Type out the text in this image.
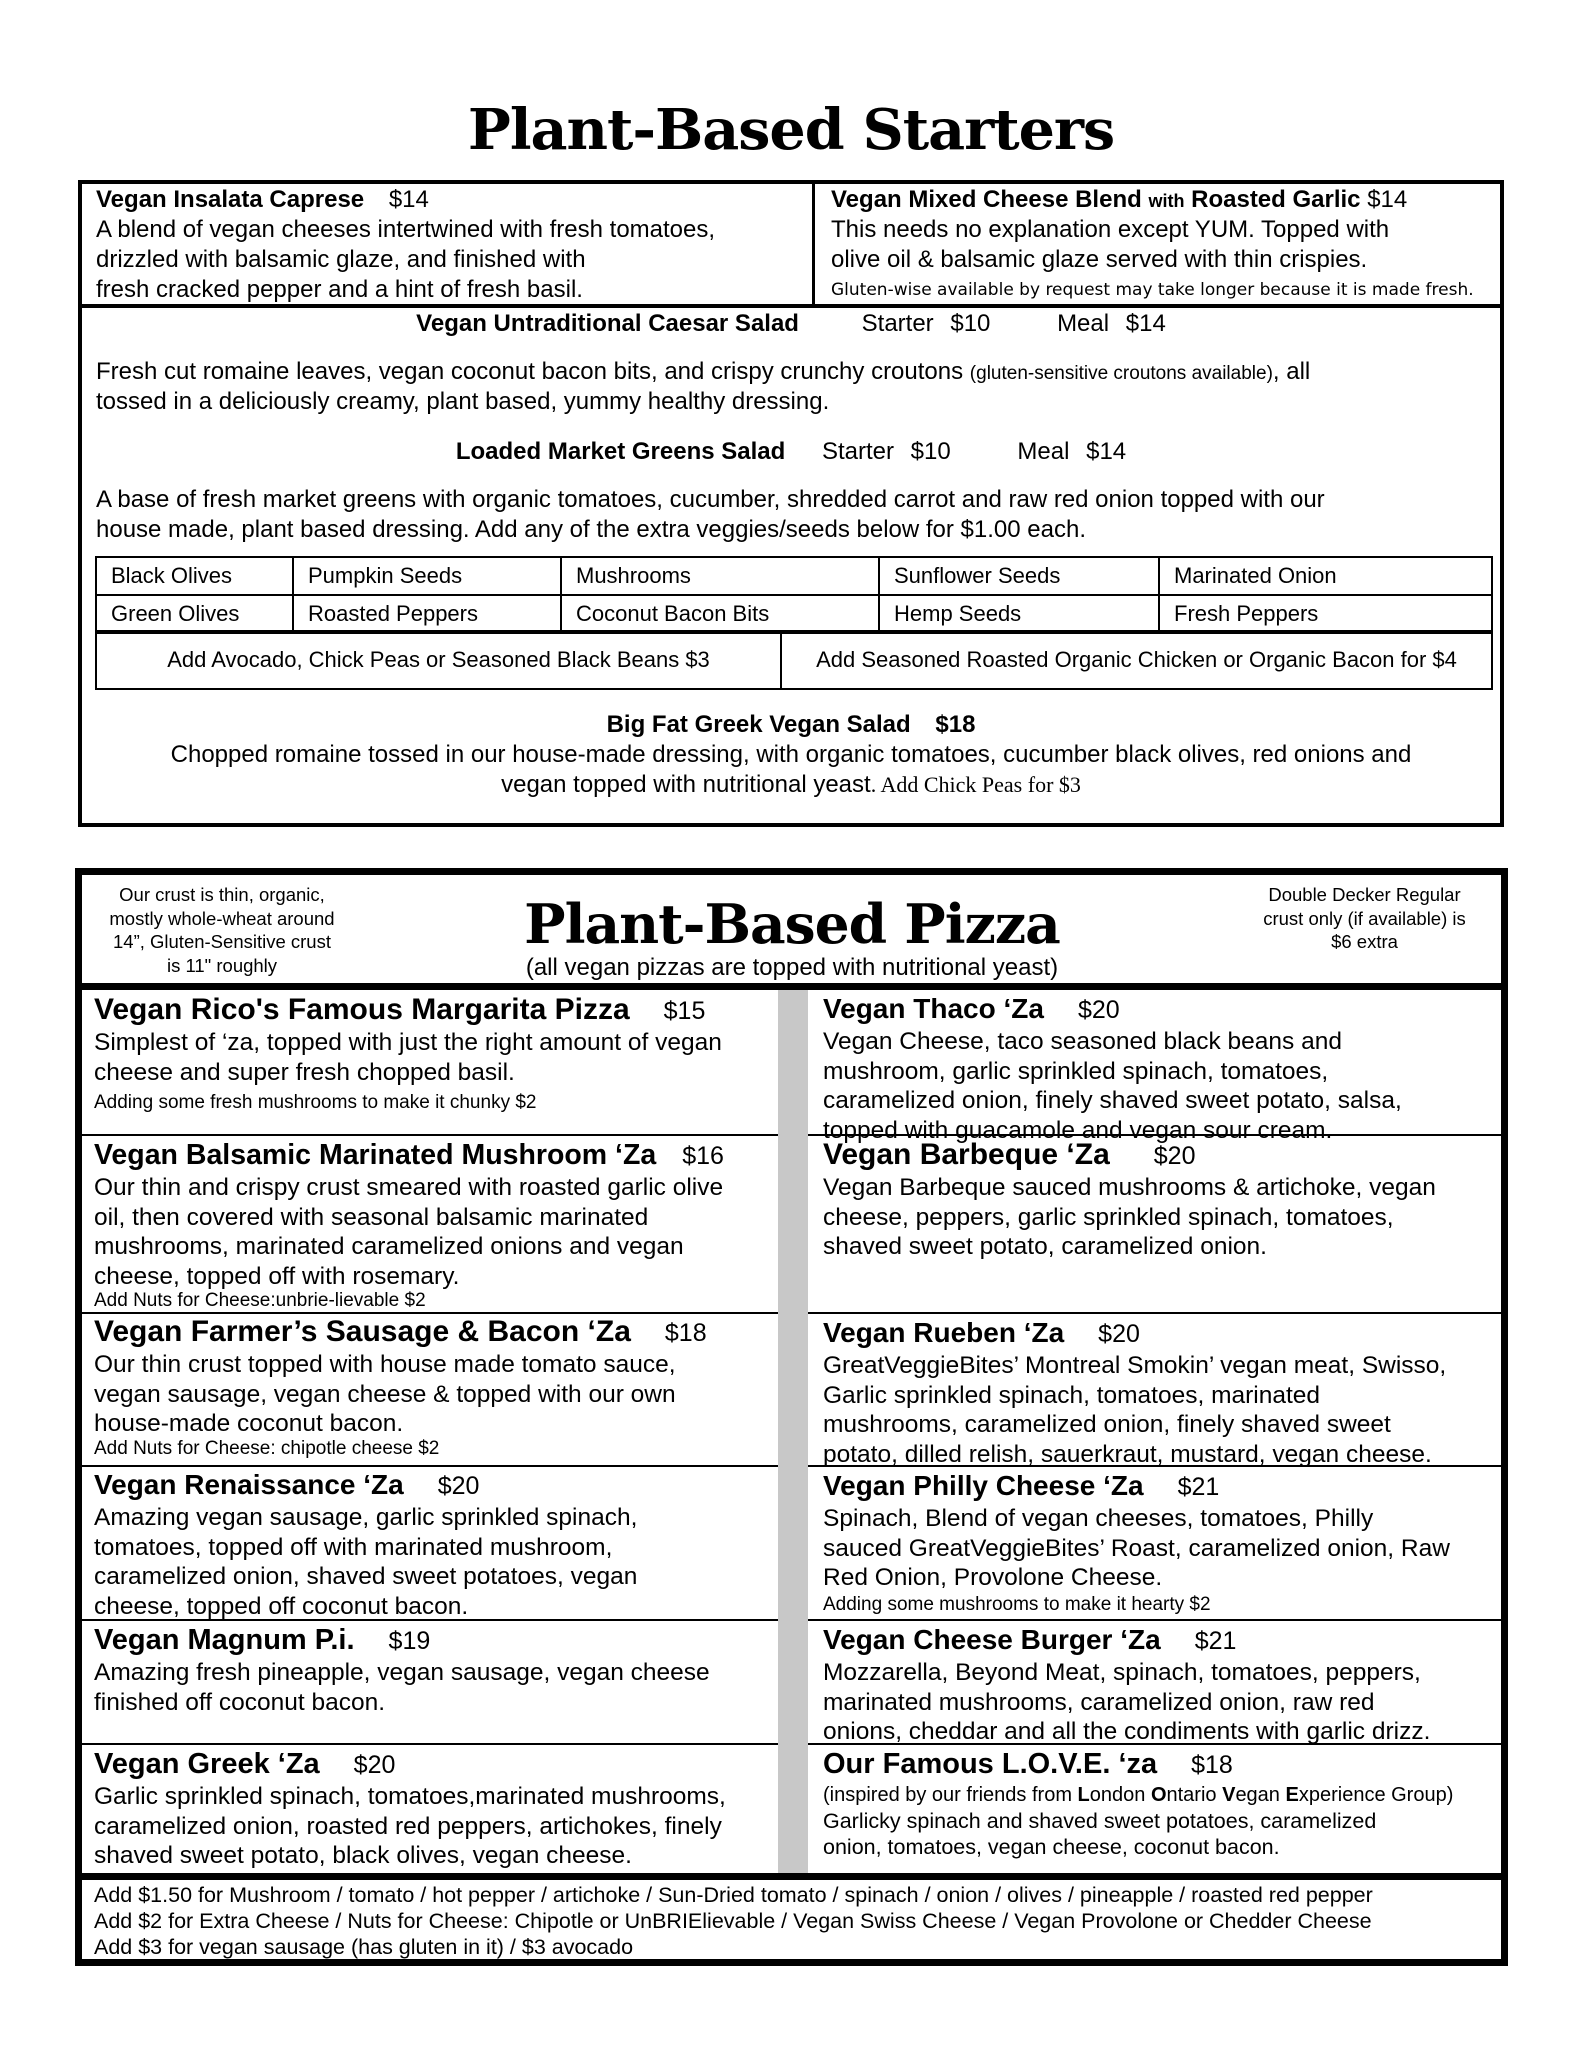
Plant-Based Starters
Vegan Insalata Caprese $14
A blend of vegan cheeses intertwined with fresh tomatoes,
drizzled with balsamic glaze, and finished with
fresh cracked pepper and a hint of fresh basil.
Vegan Mixed Cheese Blend with Roasted Garlic $14
This needs no explanation except YUM. Topped with
olive oil & balsamic glaze served with thin crispies.
Gluten-wise available by request may take longer because it is made fresh.
Vegan Untraditional Caesar Salad	Starter $10	Meal $14
Fresh cut romaine leaves, vegan coconut bacon bits, and crispy crunchy croutons (gluten-sensitive croutons available), all
tossed in a deliciously creamy, plant based, yummy healthy dressing.
Loaded Market Greens Salad Starter $10	Meal $14
A base of fresh market greens with organic tomatoes, cucumber, shredded carrot and raw red onion topped with our
house made, plant based dressing. Add any of the extra veggies/seeds below for $1.00 each.
Black Olives	Pumpkin Seeds	Mushrooms	Sunflower Seeds	Marinated Onion
Green Olives	Roasted Peppers	Coconut Bacon Bits	Hemp Seeds	Fresh Peppers
Add Avocado, Chick Peas or Seasoned Black Beans $3	Add Seasoned Roasted Organic Chicken or Organic Bacon for $4
Big Fat Greek Vegan Salad $18
Chopped romaine tossed in our house-made dressing, with organic tomatoes, cucumber black olives, red onions and
vegan topped with nutritional yeast. Add Chick Peas for $3
Our crust is thin, organic,
mostly whole-wheat around
14”, Gluten-Sensitive crust
is 11" roughly
Plant-Based Pizza
(all vegan pizzas are topped with nutritional yeast)
Double Decker Regular
crust only (if available) is
$6 extra
Vegan Rico's Famous Margarita Pizza $15
Simplest of ‘za, topped with just the right amount of vegan
cheese and super fresh chopped basil.
Adding some fresh mushrooms to make it chunky $2
Vegan Balsamic Marinated Mushroom ‘Za $16
Our thin and crispy crust smeared with roasted garlic olive
oil, then covered with seasonal balsamic marinated
mushrooms, marinated caramelized onions and vegan
cheese, topped off with rosemary.
Add Nuts for Cheese:unbrie-lievable $2
Vegan Farmer’s Sausage & Bacon ‘Za $18
Our thin crust topped with house made tomato sauce,
vegan sausage, vegan cheese & topped with our own
house-made coconut bacon.
Add Nuts for Cheese: chipotle cheese $2
Vegan Renaissance ‘Za $20
Amazing vegan sausage, garlic sprinkled spinach,
tomatoes, topped off with marinated mushroom,
caramelized onion, shaved sweet potatoes, vegan
cheese, topped off coconut bacon.
Vegan Magnum P.i. $19
Amazing fresh pineapple, vegan sausage, vegan cheese
finished off coconut bacon.
Vegan Greek ‘Za $20
Garlic sprinkled spinach, tomatoes,marinated mushrooms,
caramelized onion, roasted red peppers, artichokes, finely
shaved sweet potato, black olives, vegan cheese.
Vegan Thaco ‘Za $20
Vegan Cheese, taco seasoned black beans and
mushroom, garlic sprinkled spinach, tomatoes,
caramelized onion, finely shaved sweet potato, salsa,
topped with guacamole and vegan sour cream.
Vegan Barbeque ‘Za $20
Vegan Barbeque sauced mushrooms & artichoke, vegan
cheese, peppers, garlic sprinkled spinach, tomatoes,
shaved sweet potato, caramelized onion.
Vegan Rueben ‘Za $20
GreatVeggieBites’ Montreal Smokin’ vegan meat, Swisso,
Garlic sprinkled spinach, tomatoes, marinated
mushrooms, caramelized onion, finely shaved sweet
potato, dilled relish, sauerkraut, mustard, vegan cheese.
Vegan Philly Cheese ‘Za $21
Spinach, Blend of vegan cheeses, tomatoes, Philly
sauced GreatVeggieBites’ Roast, caramelized onion, Raw
Red Onion, Provolone Cheese.
Adding some mushrooms to make it hearty $2
Vegan Cheese Burger ‘Za $21
Mozzarella, Beyond Meat, spinach, tomatoes, peppers,
marinated mushrooms, caramelized onion, raw red
onions, cheddar and all the condiments with garlic drizz.
Our Famous L.O.V.E. ‘za $18
(inspired by our friends from London Ontario Vegan Experience Group)
Garlicky spinach and shaved sweet potatoes, caramelized
onion, tomatoes, vegan cheese, coconut bacon.
Add $1.50 for Mushroom / tomato / hot pepper / artichoke / Sun-Dried tomato / spinach / onion / olives / pineapple / roasted red pepper
Add $2 for Extra Cheese / Nuts for Cheese: Chipotle or UnBRIElievable / Vegan Swiss Cheese / Vegan Provolone or Chedder Cheese
Add $3 for vegan sausage (has gluten in it) / $3 avocado
